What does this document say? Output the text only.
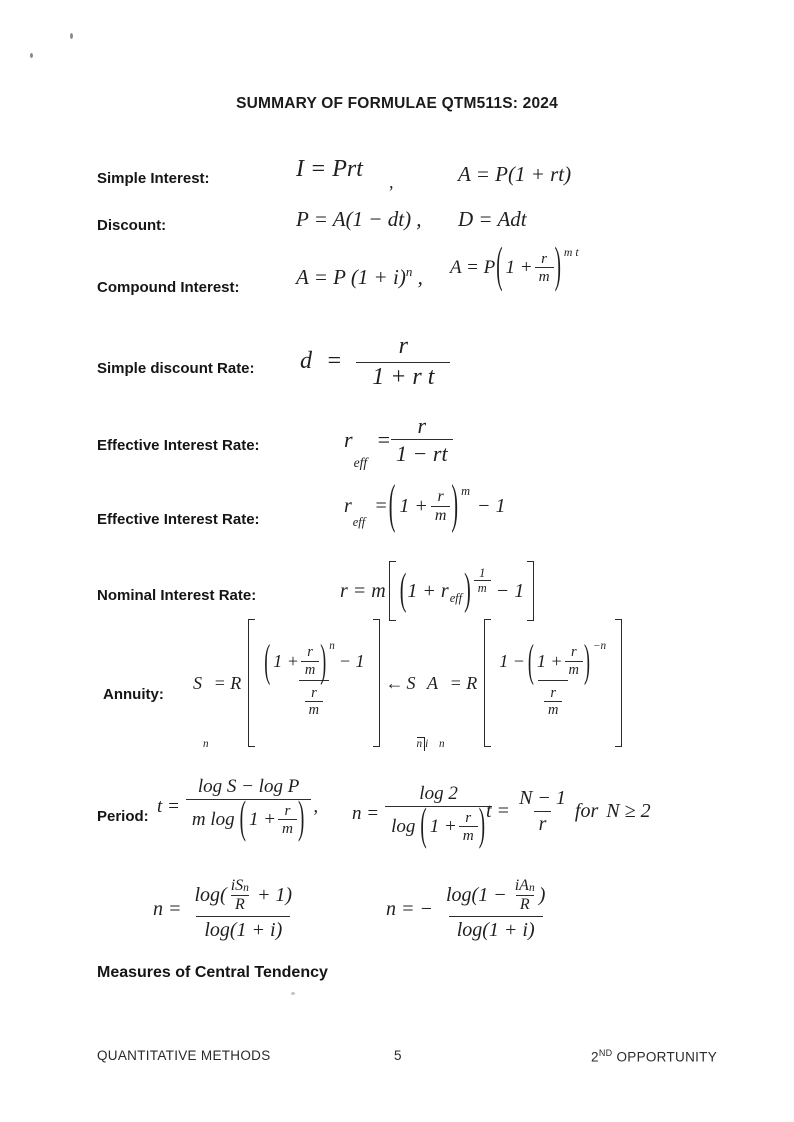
SUMMARY OF FORMULAE QTM511S: 2024
Simple Interest:	I = Prt ,	A = P(1 + rt)
Discount:	P = A(1 − dt) , D = Adt
Compound Interest:	A = P $(1 + i)^n$ , A = P ( $1 + \frac{r}{m}$ ) m t
Simple discount Rate: d =
r
1 + r t
Effective Interest Rate:	r
eff
= $\frac{r}{1 - rt}$
Effective Interest Rate:
r
eff
= ( $1 + \frac{r}{m}$ ) m
− 1
Nominal Interest Rate:	r = m ( 1 + r eff ) 1
m − 1
Annuity:
S
n
= R ( $1 + \frac{r}{m}$ ) n
− 1
r
m
← S
n i
A
n
= R
1 − ( $1 + \frac{r}{m}$ ) −n
r
m
Period: t =
log S − log P
m log ( $1 + \frac{r}{m}$ ) , n =
log 2
log ( $1 + \frac{r}{m}$ ) $t = \frac{N - 1}{r}$ for N ≥ 2
n =
log( iS n
R + 1)
log(1 + i)
n = −
log(1 − iA n
R )
log(1 + i)
Measures of Central Tendency
QUANTITATIVE METHODS	5	2ND OPPORTUNITY
